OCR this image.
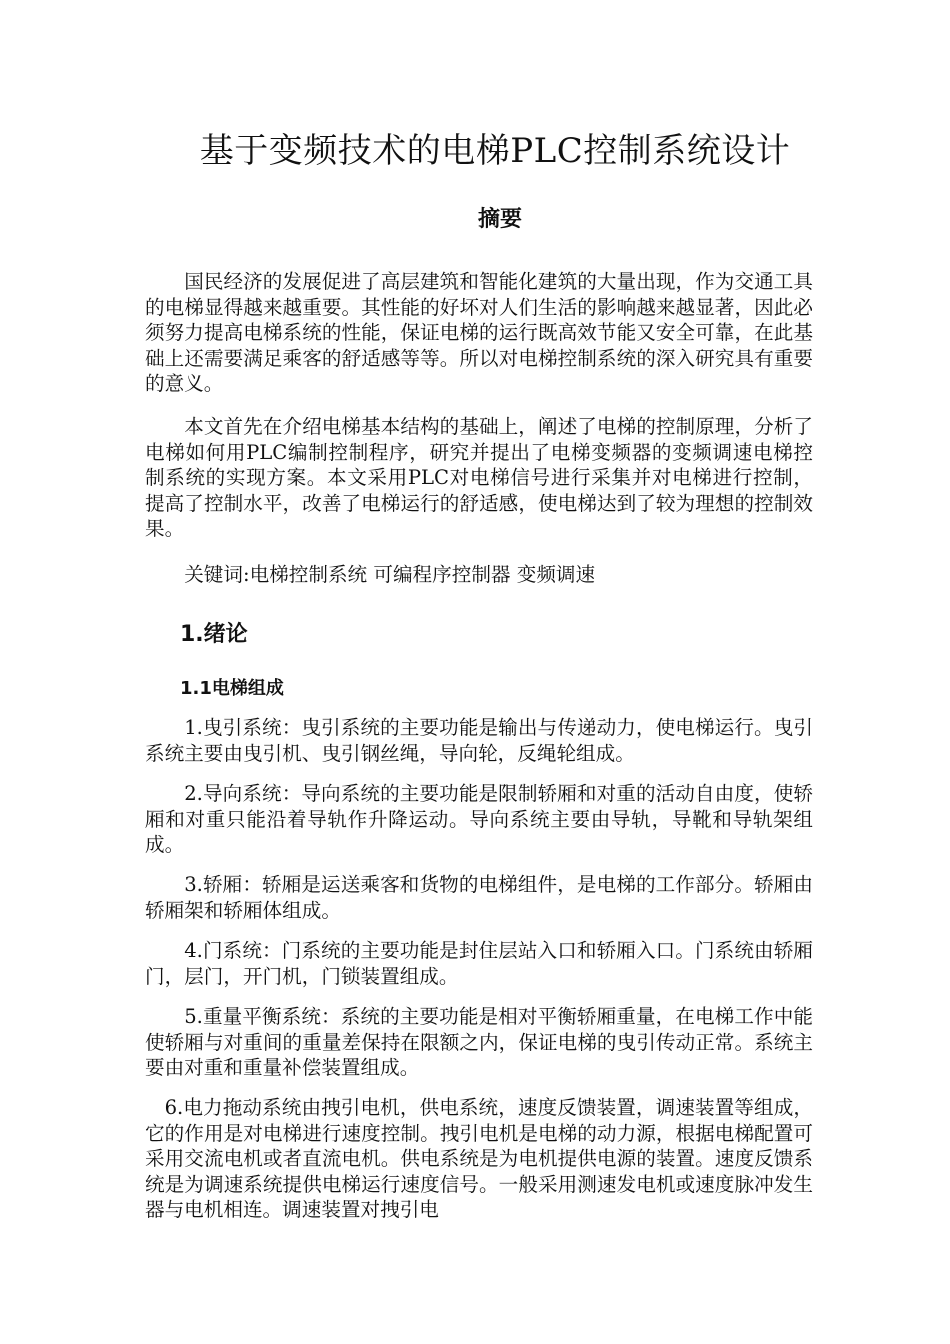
基于变频技术的电梯PLC控制系统设计
摘要

国民经济的发展促进了高层建筑和智能化建筑的大量出现，作为交通工具的电梯显得越来越重要。其性能的好坏对人们生活的影响越来越显著，因此必须努力提高电梯系统的性能，保证电梯的运行既高效节能又安全可靠，在此基础上还需要满足乘客的舒适感等等。所以对电梯控制系统的深入研究具有重要的意义。

本文首先在介绍电梯基本结构的基础上，阐述了电梯的控制原理，分析了电梯如何用PLC编制控制程序，研究并提出了电梯变频器的变频调速电梯控制系统的实现方案。本文采用PLC对电梯信号进行采集并对电梯进行控制，提高了控制水平，改善了电梯运行的舒适感，使电梯达到了较为理想的控制效果。

关键词:电梯控制系统 可编程序控制器 变频调速

1.绪论
1.1电梯组成

1.曳引系统：曳引系统的主要功能是输出与传递动力，使电梯运行。曳引系统主要由曳引机、曳引钢丝绳，导向轮，反绳轮组成。

2.导向系统：导向系统的主要功能是限制轿厢和对重的活动自由度，使轿厢和对重只能沿着导轨作升降运动。导向系统主要由导轨，导靴和导轨架组成。

3.轿厢：轿厢是运送乘客和货物的电梯组件，是电梯的工作部分。轿厢由轿厢架和轿厢体组成。

4.门系统：门系统的主要功能是封住层站入口和轿厢入口。门系统由轿厢门，层门，开门机，门锁装置组成。

5.重量平衡系统：系统的主要功能是相对平衡轿厢重量，在电梯工作中能使轿厢与对重间的重量差保持在限额之内，保证电梯的曳引传动正常。系统主要由对重和重量补偿装置组成。

6.电力拖动系统由拽引电机，供电系统，速度反馈装置，调速装置等组成，它的作用是对电梯进行速度控制。拽引电机是电梯的动力源，根据电梯配置可采用交流电机或者直流电机。供电系统是为电机提供电源的装置。速度反馈系统是为调速系统提供电梯运行速度信号。一般采用测速发电机或速度脉冲发生器与电机相连。调速装置对拽引电
